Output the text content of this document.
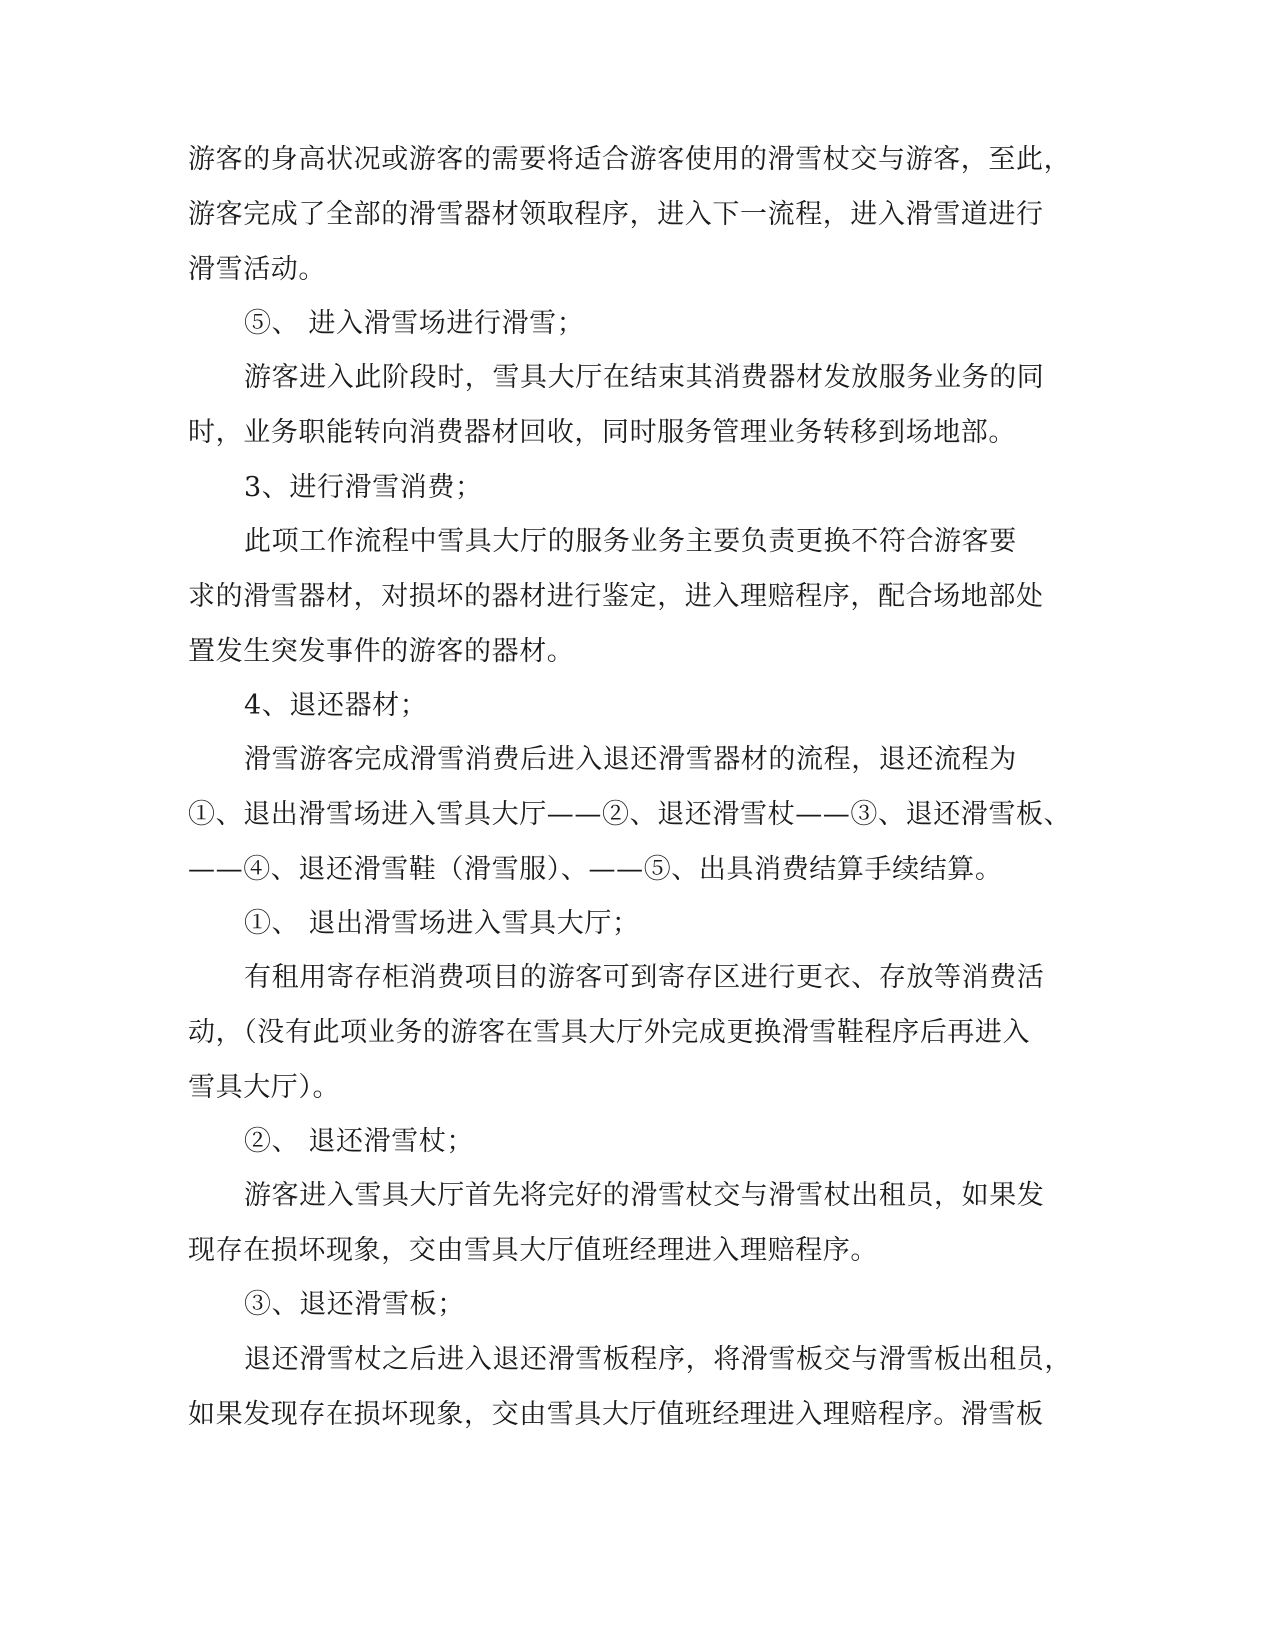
游客的身高状况或游客的需要将适合游客使用的滑雪杖交与游客，至此，
游客完成了全部的滑雪器材领取程序，进入下一流程，进入滑雪道进行
滑雪活动。
⑤、 进入滑雪场进行滑雪；
游客进入此阶段时，雪具大厅在结束其消费器材发放服务业务的同
时，业务职能转向消费器材回收，同时服务管理业务转移到场地部。
3、进行滑雪消费；
此项工作流程中雪具大厅的服务业务主要负责更换不符合游客要
求的滑雪器材，对损坏的器材进行鉴定，进入理赔程序，配合场地部处
置发生突发事件的游客的器材。
4、退还器材；
滑雪游客完成滑雪消费后进入退还滑雪器材的流程，退还流程为
①、退出滑雪场进入雪具大厅——②、退还滑雪杖——③、退还滑雪板、
——④、退还滑雪鞋（滑雪服）、——⑤、出具消费结算手续结算。
①、 退出滑雪场进入雪具大厅；
有租用寄存柜消费项目的游客可到寄存区进行更衣、存放等消费活
动，（没有此项业务的游客在雪具大厅外完成更换滑雪鞋程序后再进入
雪具大厅）。
②、 退还滑雪杖；
游客进入雪具大厅首先将完好的滑雪杖交与滑雪杖出租员，如果发
现存在损坏现象，交由雪具大厅值班经理进入理赔程序。
③、退还滑雪板；
退还滑雪杖之后进入退还滑雪板程序，将滑雪板交与滑雪板出租员，
如果发现存在损坏现象，交由雪具大厅值班经理进入理赔程序。滑雪板
